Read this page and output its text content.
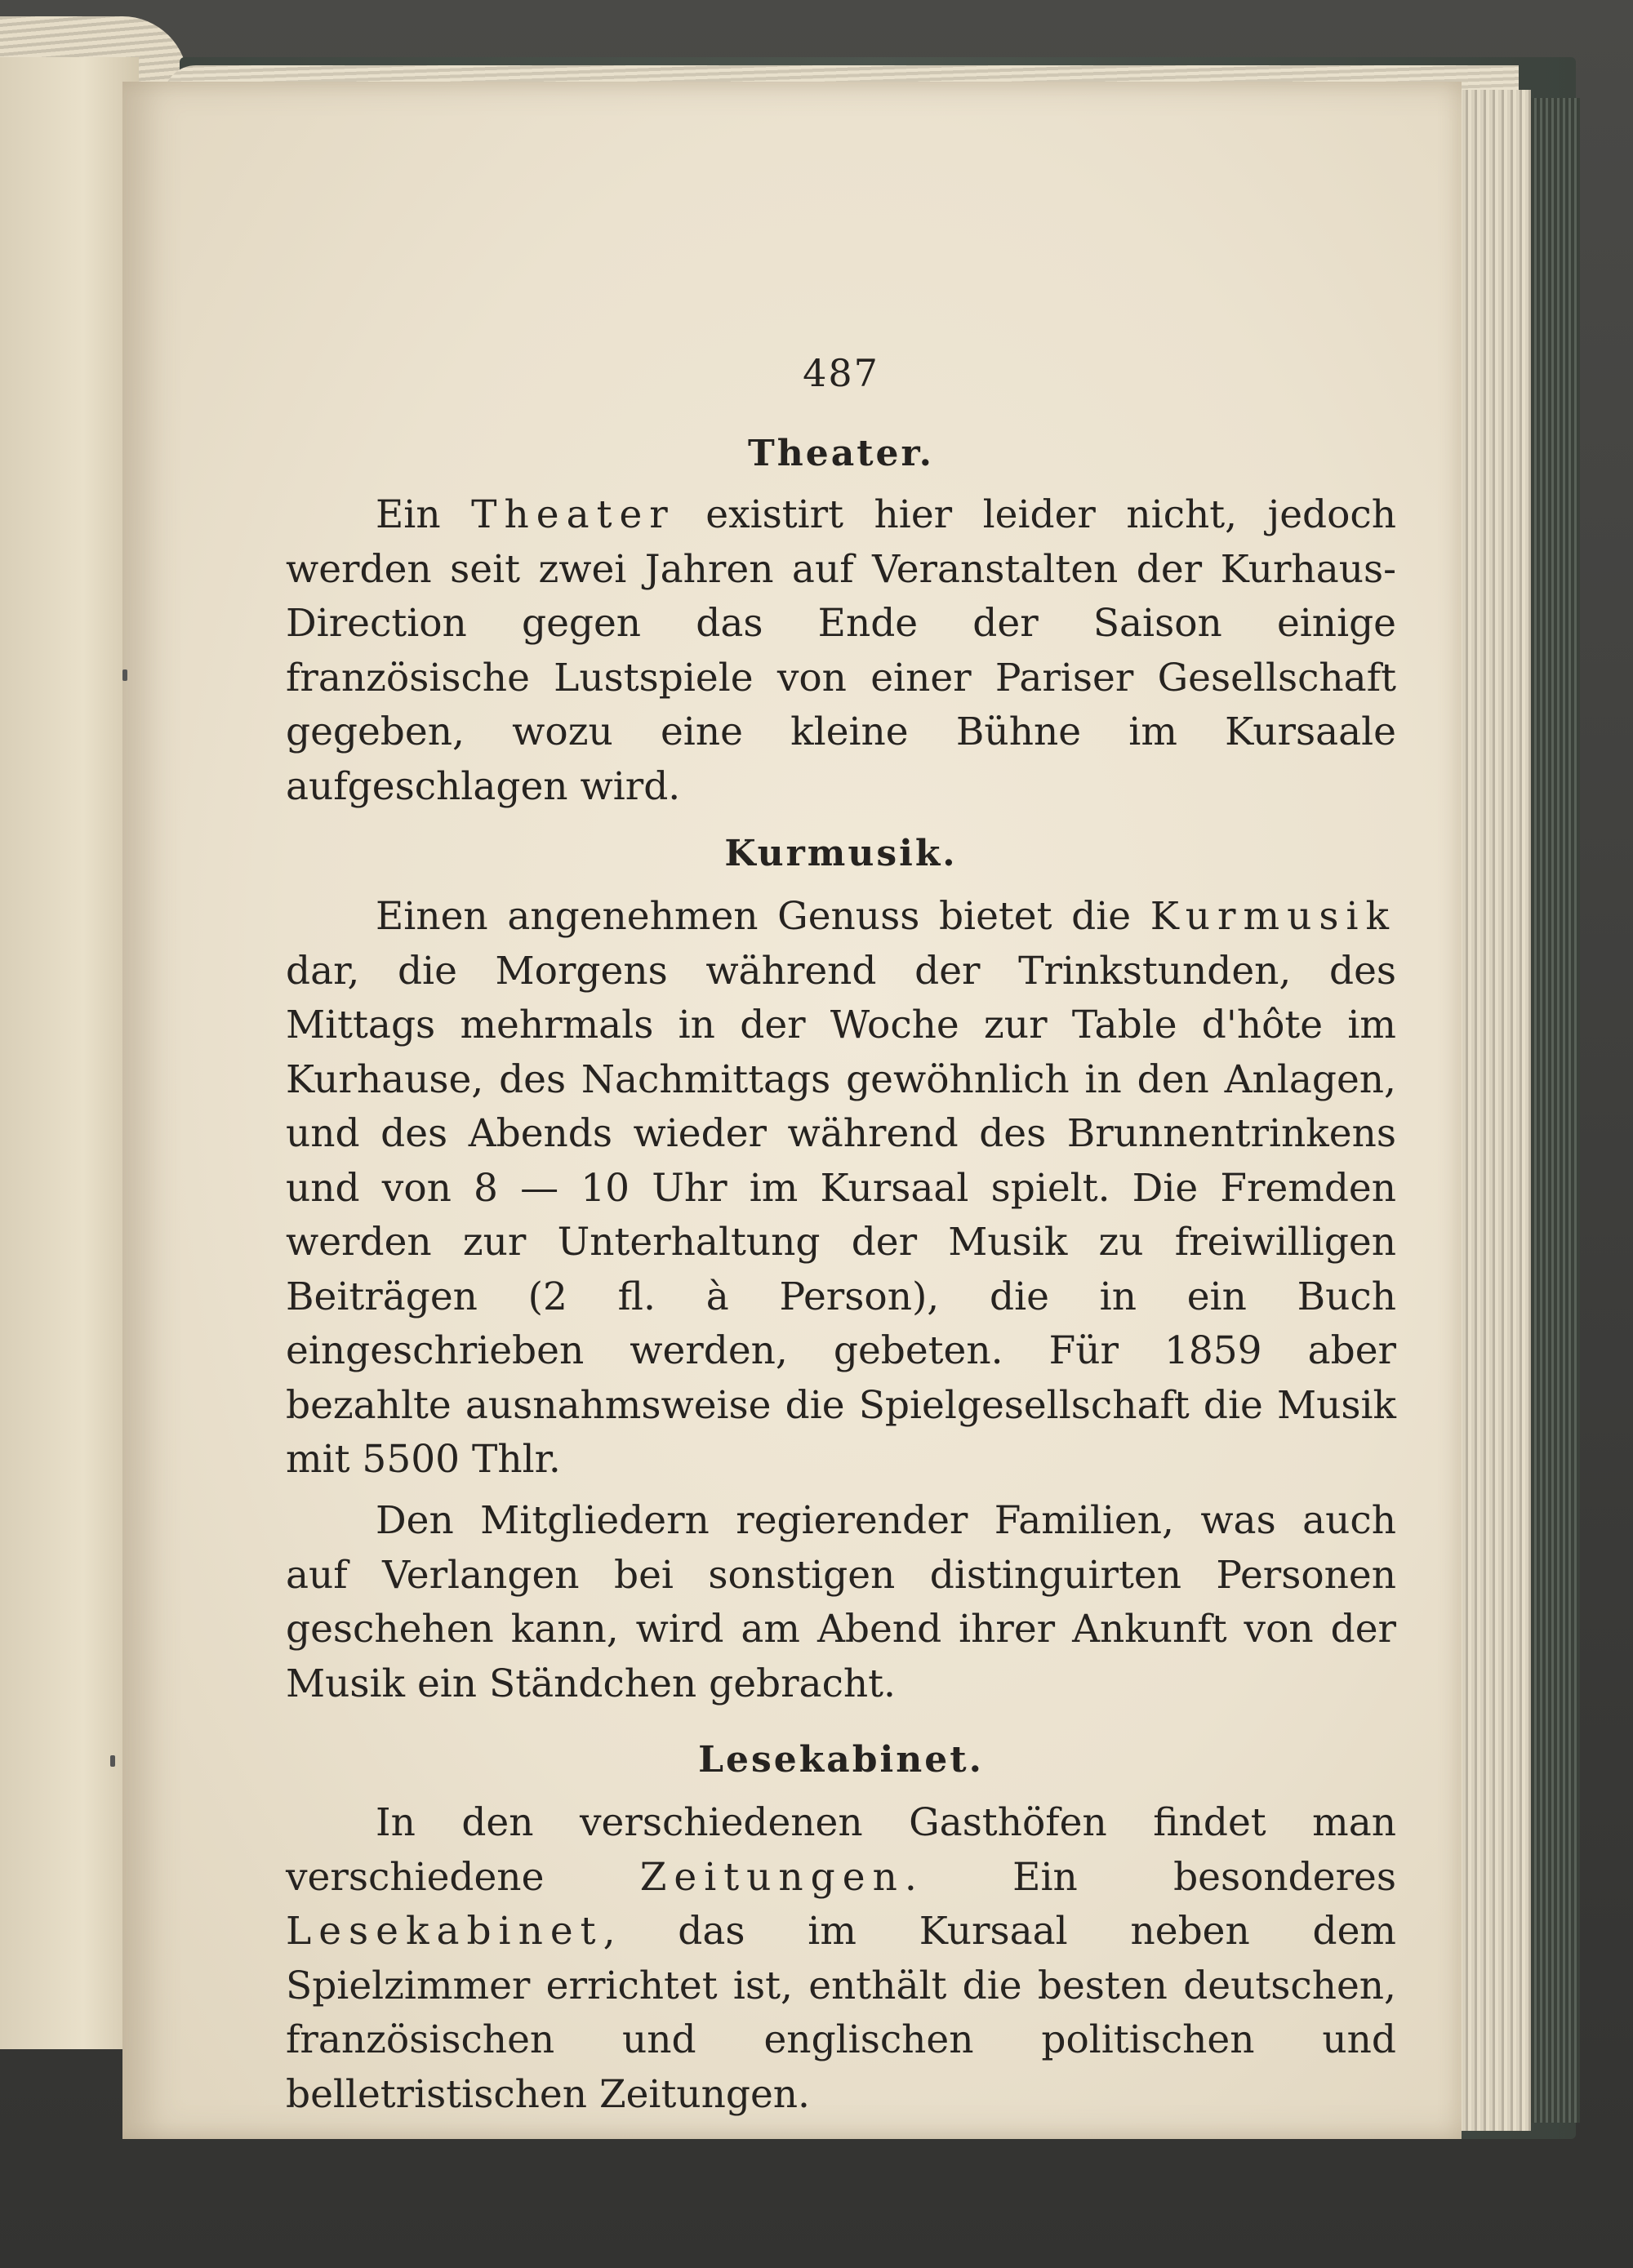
487
Theater.

Ein Theater existirt hier leider nicht, jedoch werden seit zwei Jahren auf Veranstalten der Kurhaus-Direction gegen das Ende der Saison einige französische Lustspiele von einer Pariser Gesellschaft gegeben, wozu eine kleine Bühne im Kursaale aufgeschlagen wird.

Kurmusik.

Einen angenehmen Genuss bietet die Kurmusik dar, die Morgens während der Trinkstunden, des Mittags mehrmals in der Woche zur Table d'hôte im Kurhause, des Nachmittags gewöhnlich in den Anlagen, und des Abends wieder während des Brunnentrinkens und von 8 — 10 Uhr im Kursaal spielt. Die Fremden werden zur Unterhaltung der Musik zu freiwilligen Beiträgen (2 fl. à Person), die in ein Buch eingeschrieben werden, gebeten. Für 1859 aber bezahlte ausnahmsweise die Spielgesellschaft die Musik mit 5500 Thlr.

Den Mitgliedern regierender Familien, was auch auf Verlangen bei sonstigen distinguirten Personen geschehen kann, wird am Abend ihrer Ankunft von der Musik ein Ständchen gebracht.

Lesekabinet.

In den verschiedenen Gasthöfen findet man verschiedene Zeitungen. Ein besonderes Lesekabinet, das im Kursaal neben dem Spielzimmer errichtet ist, enthält die besten deutschen, französischen und englischen politischen und belletristischen Zeitungen.
